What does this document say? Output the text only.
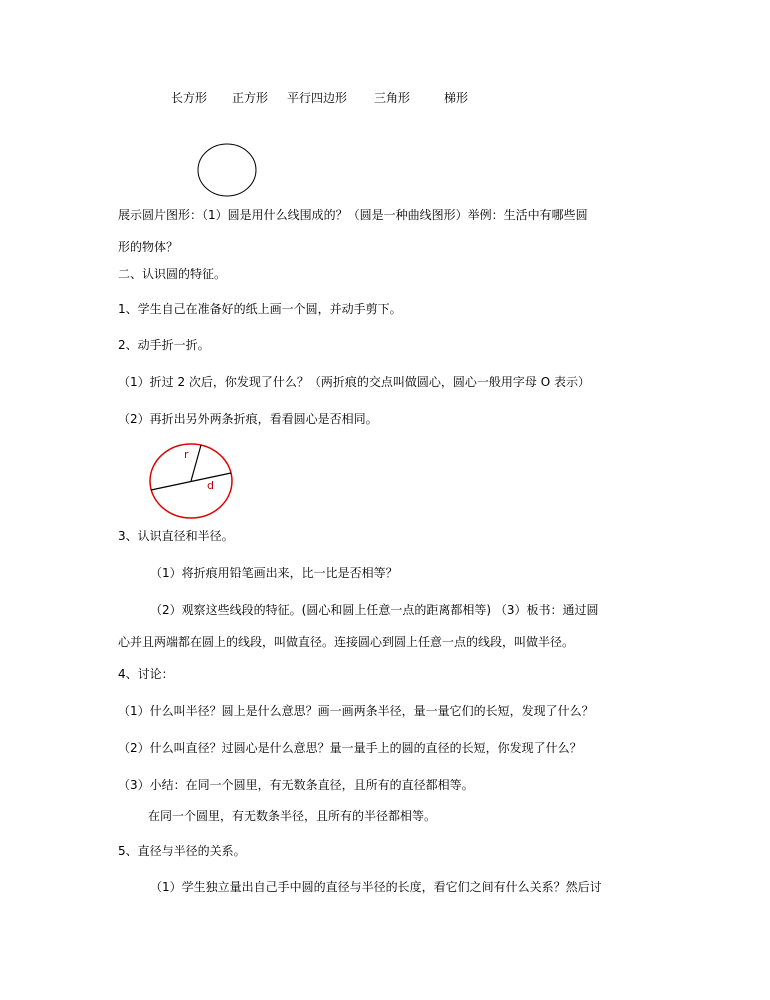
长方形 正方形 平行四边形 三角形	梯形
展示圆片图形：（1）圆是用什么线围成的？（圆是一种曲线图形）举例：生活中有哪些圆
形的物体？
二、认识圆的特征。
1、学生自己在准备好的纸上画一个圆，并动手剪下。
2、动手折一折。
（1）折过 2 次后，你发现了什么？（两折痕的交点叫做圆心，圆心一般用字母 O 表示）
（2）再折出另外两条折痕，看看圆心是否相同。
r
d
3、认识直径和半径。
（1）将折痕用铅笔画出来，比一比是否相等？
（2）观察这些线段的特征。(圆心和圆上任意一点的距离都相等) （3）板书：通过圆
心并且两端都在圆上的线段，叫做直径。连接圆心到圆上任意一点的线段，叫做半径。
4、讨论：
（1）什么叫半径？圆上是什么意思？画一画两条半径，量一量它们的长短，发现了什么？
（2）什么叫直径？过圆心是什么意思？量一量手上的圆的直径的长短，你发现了什么？
（3）小结：在同一个圆里，有无数条直径，且所有的直径都相等。
在同一个圆里，有无数条半径，且所有的半径都相等。
5、直径与半径的关系。
（1）学生独立量出自己手中圆的直径与半径的长度，看它们之间有什么关系？然后讨
